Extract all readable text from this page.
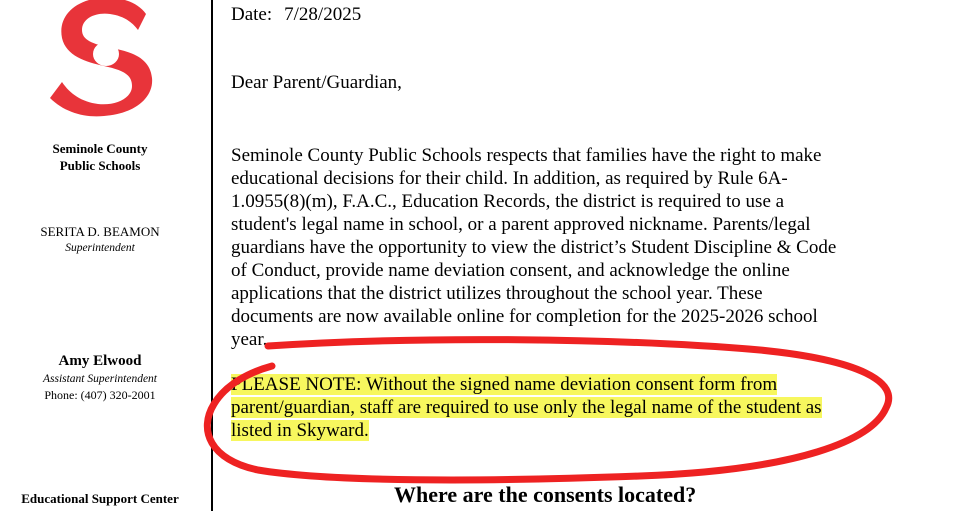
Seminole County
Public Schools
SERITA D. BEAMON
Superintendent
Amy Elwood
Assistant Superintendent
Phone: (407) 320-2001
Educational Support Center
Date: 7/28/2025
Dear Parent/Guardian,
Seminole County Public Schools respects that families have the right to make
educational decisions for their child. In addition, as required by Rule 6A-
1.0955(8)(m), F.A.C., Education Records, the district is required to use a
student's legal name in school, or a parent approved nickname. Parents/legal
guardians have the opportunity to view the district’s Student Discipline & Code
of Conduct, provide name deviation consent, and acknowledge the online
applications that the district utilizes throughout the school year. These
documents are now available online for completion for the 2025-2026 school
year.
PLEASE NOTE: Without the signed name deviation consent form from
parent/guardian, staff are required to use only the legal name of the student as
listed in Skyward.
Where are the consents located?
